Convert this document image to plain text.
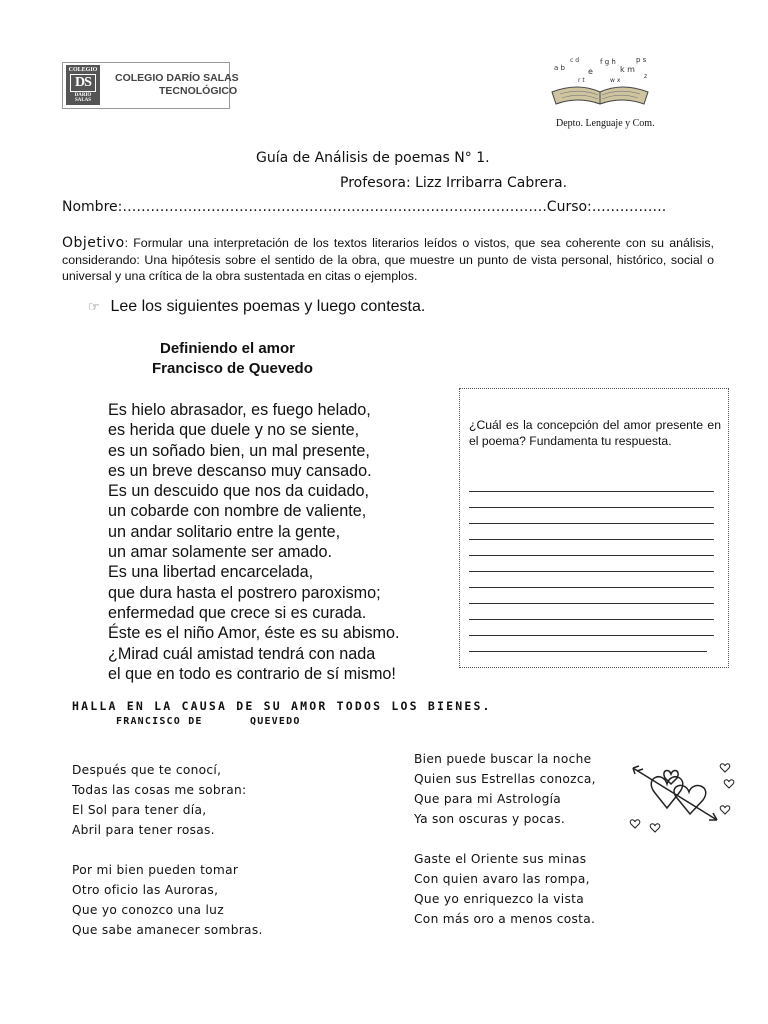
COLEGIO
DS
DARÍO SALAS
COLEGIO DARÍO SALAS
TECNOLÓGICO
a b
c d
e
f g h
k m
p s
z
r t	w x
Depto. Lenguaje y Com.
Guía de Análisis de poemas N° 1.
Profesora: Lizz Irribarra Cabrera.
Nombre:……………………………………………………………………………….Curso:…………….
Objetivo: Formular una interpretación de los textos literarios leídos o vistos, que sea coherente con su análisis, considerando: Una hipótesis sobre el sentido de la obra, que muestre un punto de vista personal, histórico, social o universal y una crítica de la obra sustentada en citas o ejemplos.
☞ Lee los siguientes poemas y luego contesta.
Definiendo el amor
Francisco de Quevedo
Es hielo abrasador, es fuego helado,
es herida que duele y no se siente,
es un soñado bien, un mal presente,
es un breve descanso muy cansado.
Es un descuido que nos da cuidado,
un cobarde con nombre de valiente,
un andar solitario entre la gente,
un amar solamente ser amado.
Es una libertad encarcelada,
que dura hasta el postrero paroxismo;
enfermedad que crece si es curada.
Éste es el niño Amor, éste es su abismo.
¿Mirad cuál amistad tendrá con nada
el que en todo es contrario de sí mismo!
¿Cuál es la concepción del amor presente en el poema? Fundamenta tu respuesta.
HALLA EN LA CAUSA DE SU AMOR TODOS LOS BIENES.
FRANCISCO DE	QUEVEDO
Después que te conocí,
Todas las cosas me sobran:
El Sol para tener día,
Abril para tener rosas.
Por mi bien pueden tomar
Otro oficio las Auroras,
Que yo conozco una luz
Que sabe amanecer sombras.
Bien puede buscar la noche
Quien sus Estrellas conozca,
Que para mi Astrología
Ya son oscuras y pocas.
Gaste el Oriente sus minas
Con quien avaro las rompa,
Que yo enriquezco la vista
Con más oro a menos costa.
